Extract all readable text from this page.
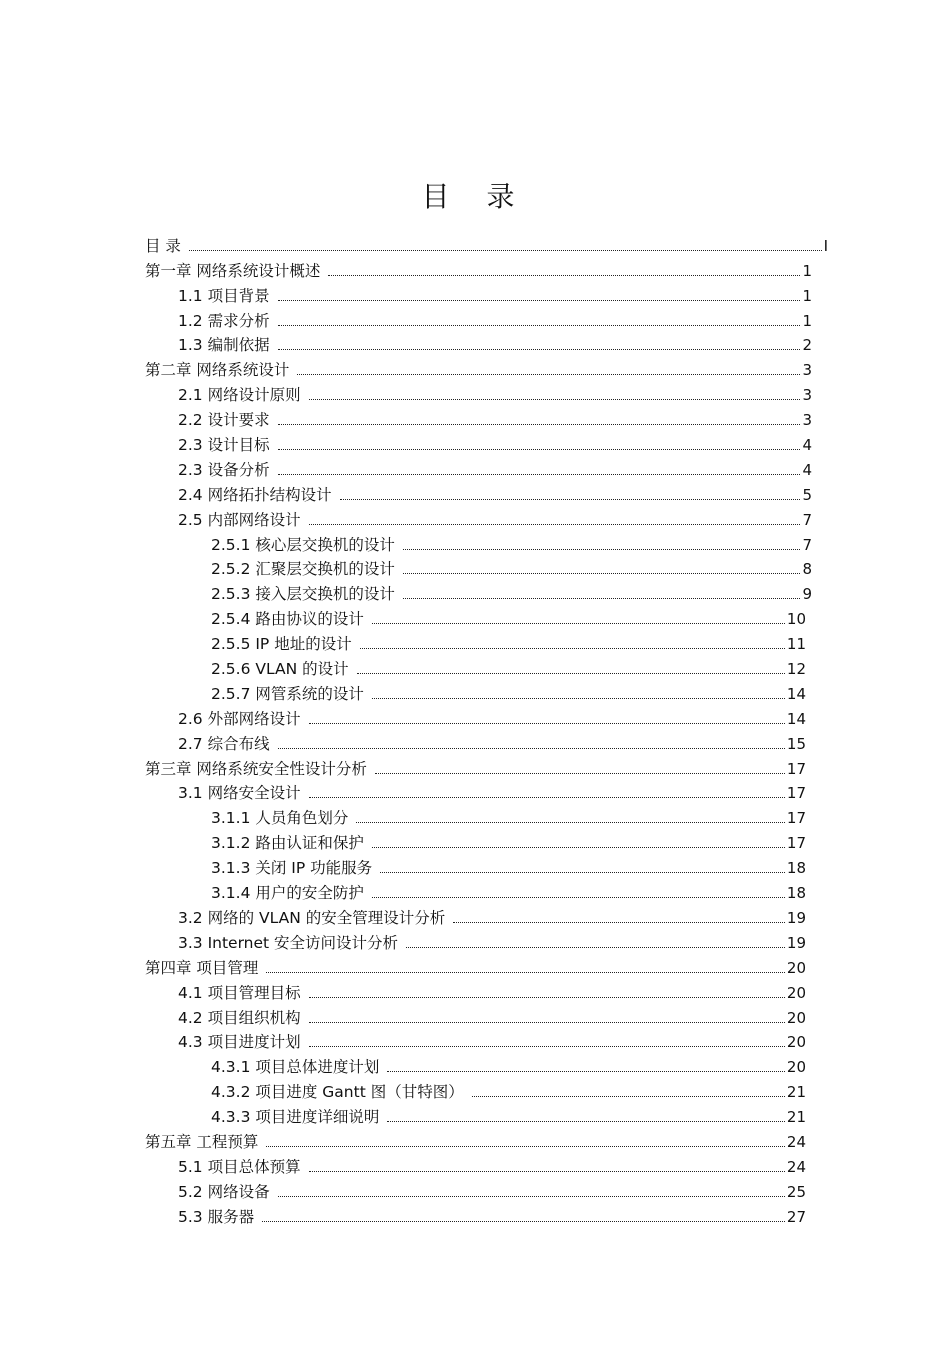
目 录
目 录	I
第一章 网络系统设计概述	1
1.1 项目背景	1
1.2 需求分析	1
1.3 编制依据	2
第二章 网络系统设计	3
2.1 网络设计原则	3
2.2 设计要求	3
2.3 设计目标	4
2.3 设备分析	4
2.4 网络拓扑结构设计	5
2.5 内部网络设计	7
2.5.1 核心层交换机的设计	7
2.5.2 汇聚层交换机的设计	8
2.5.3 接入层交换机的设计	9
2.5.4 路由协议的设计	10
2.5.5 IP 地址的设计	11
2.5.6 VLAN 的设计	12
2.5.7 网管系统的设计	14
2.6 外部网络设计	14
2.7 综合布线	15
第三章 网络系统安全性设计分析	17
3.1 网络安全设计	17
3.1.1 人员角色划分	17
3.1.2 路由认证和保护	17
3.1.3 关闭 IP 功能服务	18
3.1.4 用户的安全防护	18
3.2 网络的 VLAN 的安全管理设计分析	19
3.3 Internet 安全访问设计分析	19
第四章 项目管理	20
4.1 项目管理目标	20
4.2 项目组织机构	20
4.3 项目进度计划	20
4.3.1 项目总体进度计划	20
4.3.2 项目进度 Gantt 图（甘特图）	21
4.3.3 项目进度详细说明	21
第五章 工程预算	24
5.1 项目总体预算	24
5.2 网络设备	25
5.3 服务器	27
